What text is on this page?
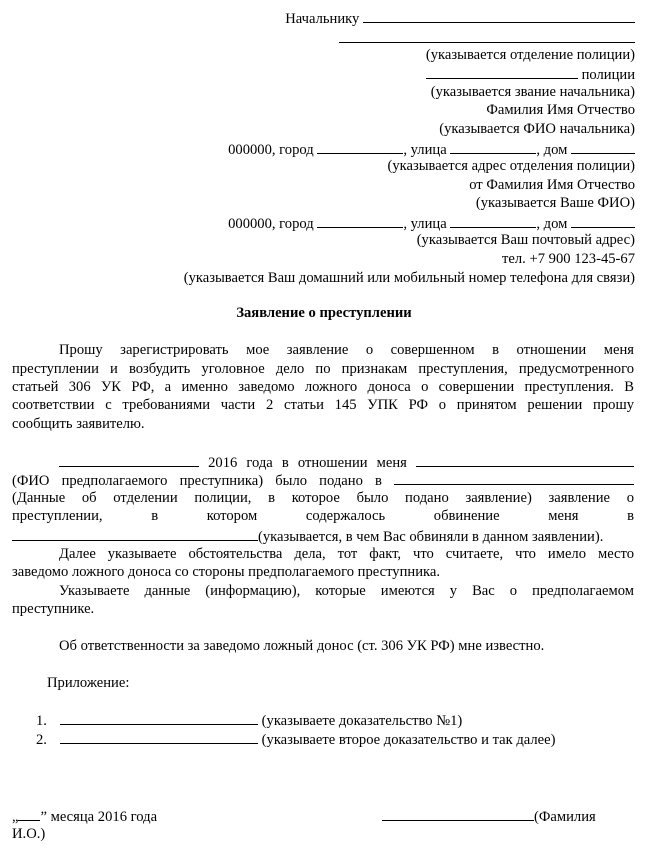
Начальнику
(указывается отделение полиции)
полиции
(указывается звание начальника)
Фамилия Имя Отчество
(указывается ФИО начальника)
000000, город	, улица	, дом
(указывается адрес отделения полиции)
от Фамилия Имя Отчество
(указывается Ваше ФИО)
000000, город	, улица	, дом
(указывается Ваш почтовый адрес)
тел. +7 900 123-45-67
(указывается Ваш домашний или мобильный номер телефона для связи)
Заявление о преступлении
Прошу зарегистрировать мое заявление о совершенном в отношении меня
преступлении и возбудить уголовное дело по признакам преступления, предусмотренного
статьей 306 УК РФ, а именно заведомо ложного доноса о совершении преступления. В
соответствии с требованиями части 2 статьи 145 УПК РФ о принятом решении прошу
сообщить заявителю.
2016 года в отношении меня
(ФИО предполагаемого преступника) было подано в
(Данные об отделении полиции, в которое было подано заявление) заявление о
преступлении, в котором содержалось обвинение меня в
(указывается, в чем Вас обвиняли в данном заявлении).
Далее указываете обстоятельства дела, тот факт, что считаете, что имело место
заведомо ложного доноса со стороны предполагаемого преступника.
Указываете данные (информацию), которые имеются у Вас о предполагаемом
преступнике.
Об ответственности за заведомо ложный донос (ст. 306 УК РФ) мне известно.
Приложение:
1.	(указываете доказательство №1)
2.	(указываете второе доказательство и так далее)
„ ” месяца 2016 года	(Фамилия
И.О.)
